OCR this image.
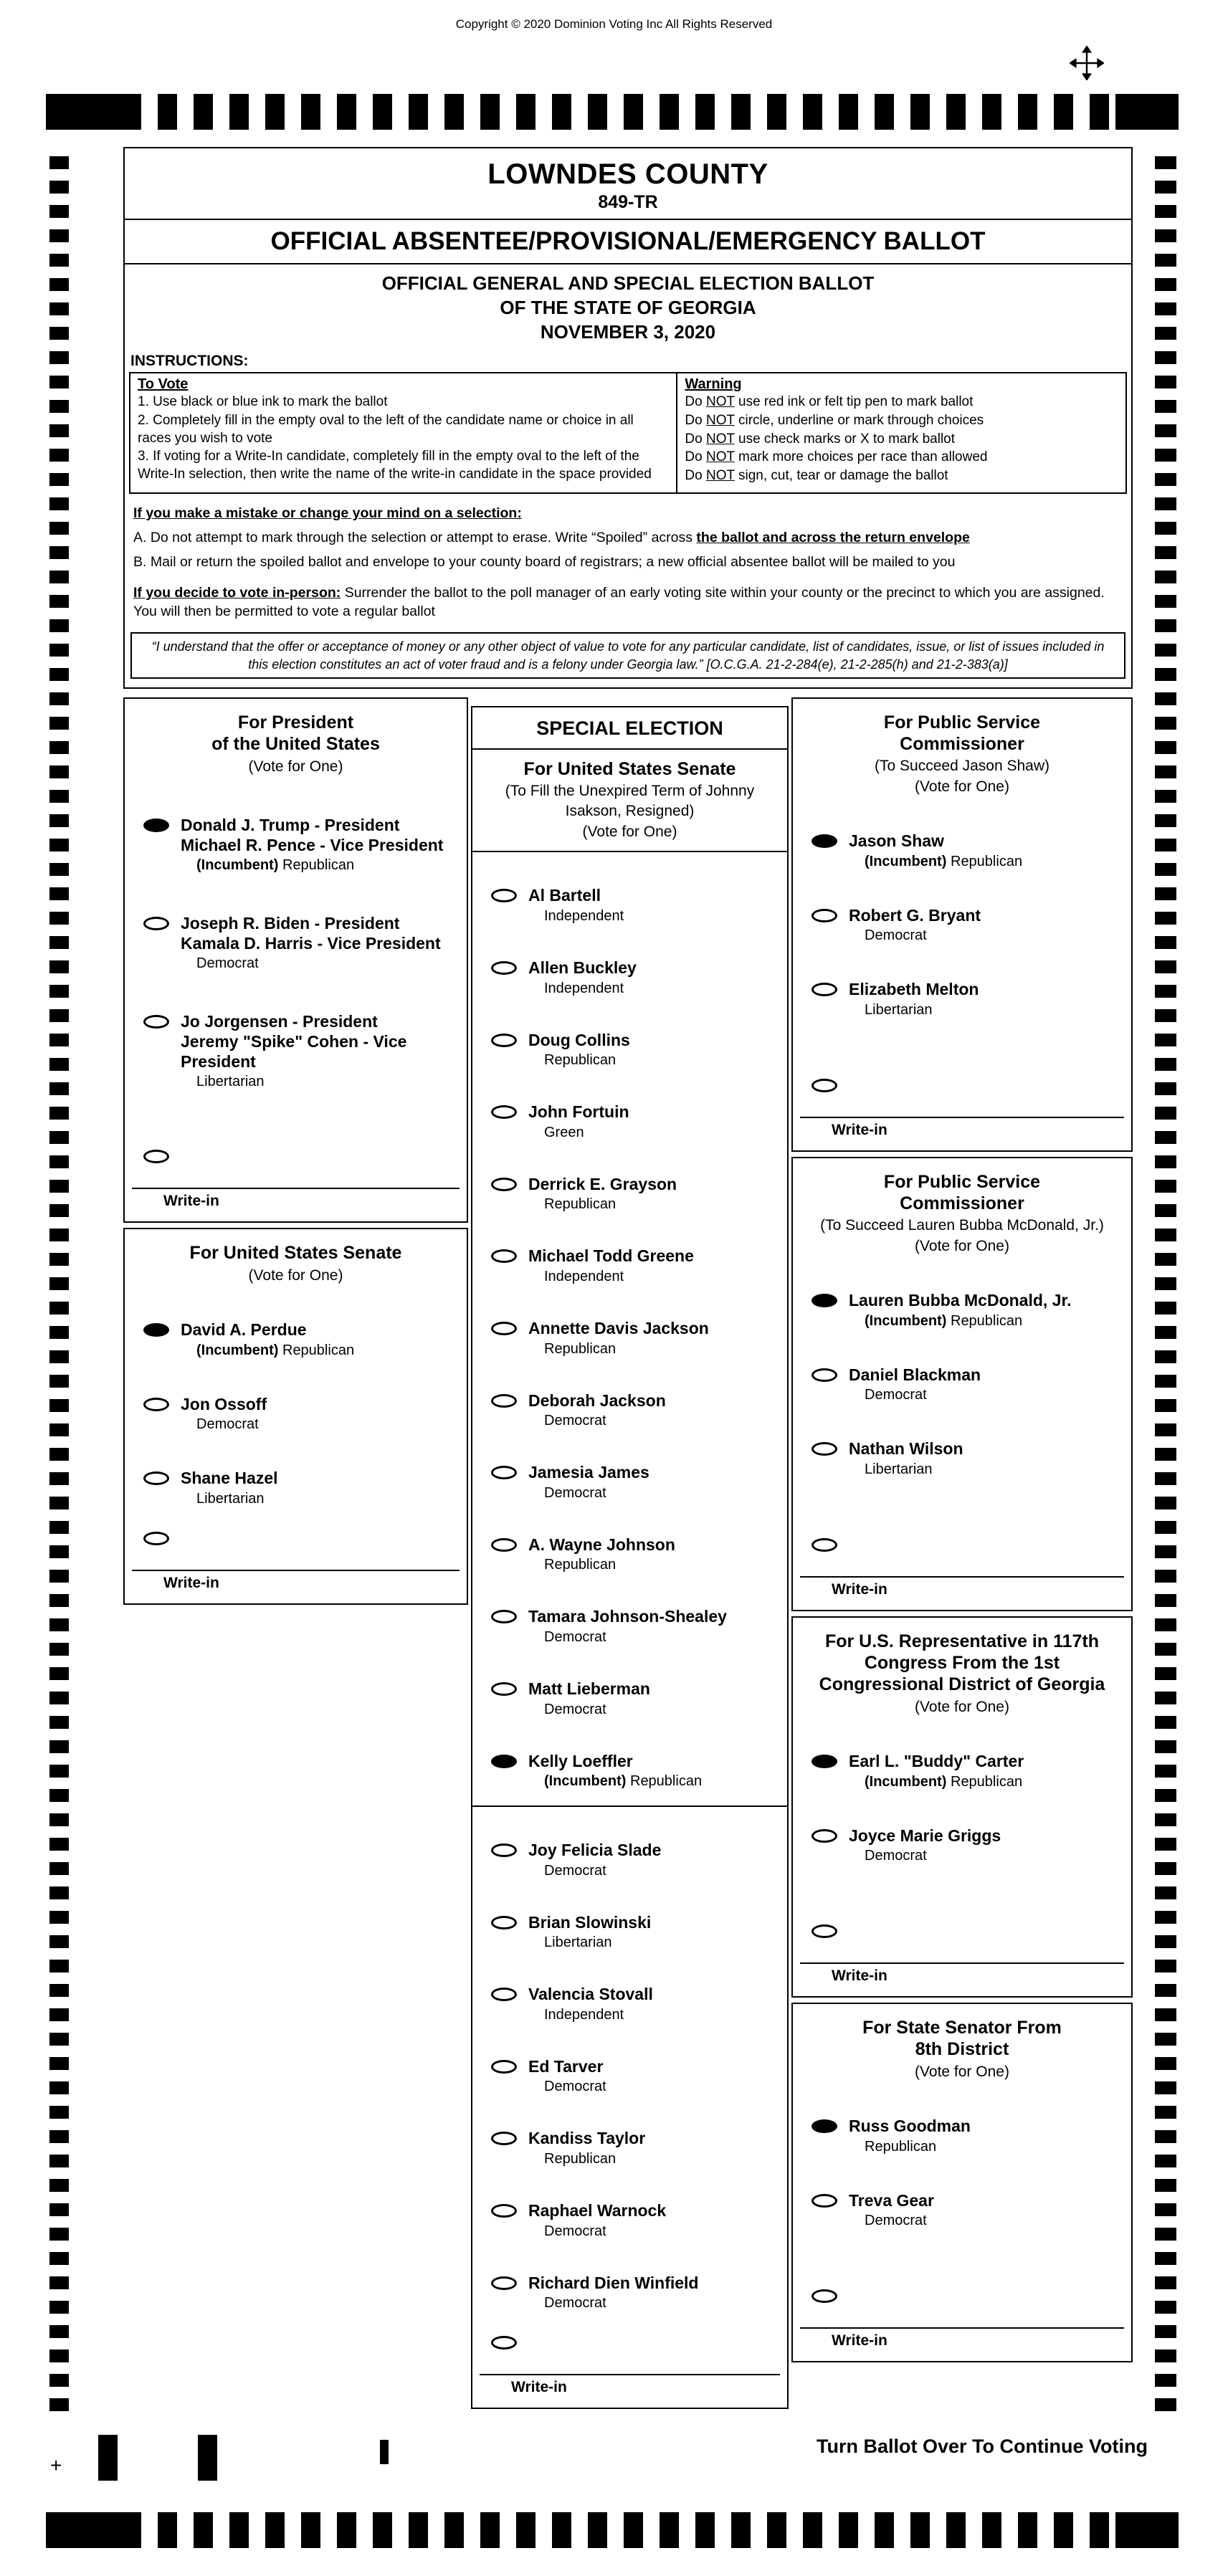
Copyright © 2020 Dominion Voting Inc All Rights Reserved
LOWNDES COUNTY
849-TR
OFFICIAL ABSENTEE/PROVISIONAL/EMERGENCY BALLOT
OFFICIAL GENERAL AND SPECIAL ELECTION BALLOT
OF THE STATE OF GEORGIA
NOVEMBER 3, 2020
INSTRUCTIONS:
To Vote
1. Use black or blue ink to mark the ballot
2. Completely fill in the empty oval to the left of the candidate name or choice in all races you wish to vote
3. If voting for a Write-In candidate, completely fill in the empty oval to the left of the Write-In selection, then write the name of the write-in candidate in the space provided
Warning
Do NOT use red ink or felt tip pen to mark ballot
Do NOT circle, underline or mark through choices
Do NOT use check marks or X to mark ballot
Do NOT mark more choices per race than allowed
Do NOT sign, cut, tear or damage the ballot
If you make a mistake or change your mind on a selection:
A. Do not attempt to mark through the selection or attempt to erase. Write “Spoiled” across the ballot and across the return envelope
B. Mail or return the spoiled ballot and envelope to your county board of registrars; a new official absentee ballot will be mailed to you
If you decide to vote in-person: Surrender the ballot to the poll manager of an early voting site within your county or the precinct to which you are assigned. You will then be permitted to vote a regular ballot
“I understand that the offer or acceptance of money or any other object of value to vote for any particular candidate, list of candidates, issue, or list of issues included in this election constitutes an act of voter fraud and is a felony under Georgia law.” [O.C.G.A. 21-2-284(e), 21-2-285(h) and 21-2-383(a)]
For President
of the United States
(Vote for One)
Donald J. Trump - President
Michael R. Pence - Vice President
(Incumbent) Republican
Joseph R. Biden - President
Kamala D. Harris - Vice President
Democrat
Jo Jorgensen - President
Jeremy "Spike" Cohen - Vice President
Libertarian
Write-in
For United States Senate
(Vote for One)
David A. Perdue
(Incumbent) Republican
Jon Ossoff
Democrat
Shane Hazel
Libertarian
Write-in
SPECIAL ELECTION
For United States Senate
(To Fill the Unexpired Term of Johnny
Isakson, Resigned)
(Vote for One)
Al Bartell
Independent
Allen Buckley
Independent
Doug Collins
Republican
John Fortuin
Green
Derrick E. Grayson
Republican
Michael Todd Greene
Independent
Annette Davis Jackson
Republican
Deborah Jackson
Democrat
Jamesia James
Democrat
A. Wayne Johnson
Republican
Tamara Johnson-Shealey
Democrat
Matt Lieberman
Democrat
Kelly Loeffler
(Incumbent) Republican
Joy Felicia Slade
Democrat
Brian Slowinski
Libertarian
Valencia Stovall
Independent
Ed Tarver
Democrat
Kandiss Taylor
Republican
Raphael Warnock
Democrat
Richard Dien Winfield
Democrat
Write-in
For Public Service
Commissioner
(To Succeed Jason Shaw)
(Vote for One)
Jason Shaw
(Incumbent) Republican
Robert G. Bryant
Democrat
Elizabeth Melton
Libertarian
Write-in
For Public Service
Commissioner
(To Succeed Lauren Bubba McDonald, Jr.)
(Vote for One)
Lauren Bubba McDonald, Jr.
(Incumbent) Republican
Daniel Blackman
Democrat
Nathan Wilson
Libertarian
Write-in
For U.S. Representative in 117th
Congress From the 1st
Congressional District of Georgia
(Vote for One)
Earl L. "Buddy" Carter
(Incumbent) Republican
Joyce Marie Griggs
Democrat
Write-in
For State Senator From
8th District
(Vote for One)
Russ Goodman
Republican
Treva Gear
Democrat
Write-in
Turn Ballot Over To Continue Voting
+
